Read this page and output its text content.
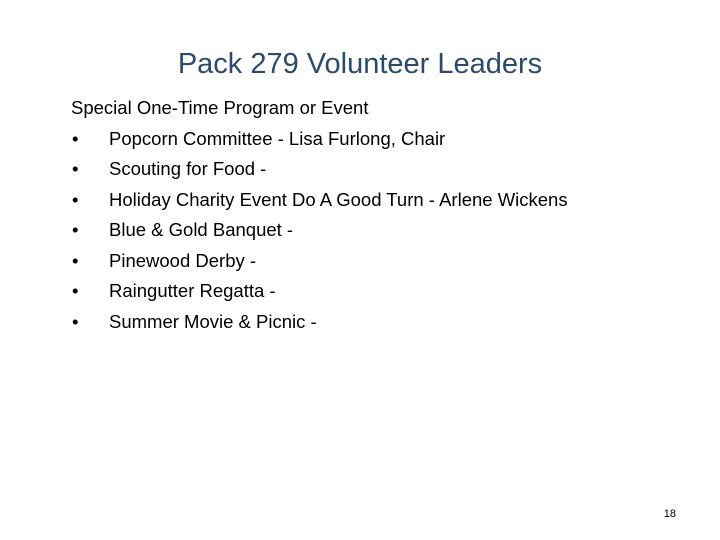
Pack 279 Volunteer Leaders
Special One-Time Program or Event
•	Popcorn Committee - Lisa Furlong, Chair
•	Scouting for Food -
•	Holiday Charity Event Do A Good Turn - Arlene Wickens
•	Blue & Gold Banquet -
•	Pinewood Derby -
•	Raingutter Regatta -
•	Summer Movie & Picnic -
18
